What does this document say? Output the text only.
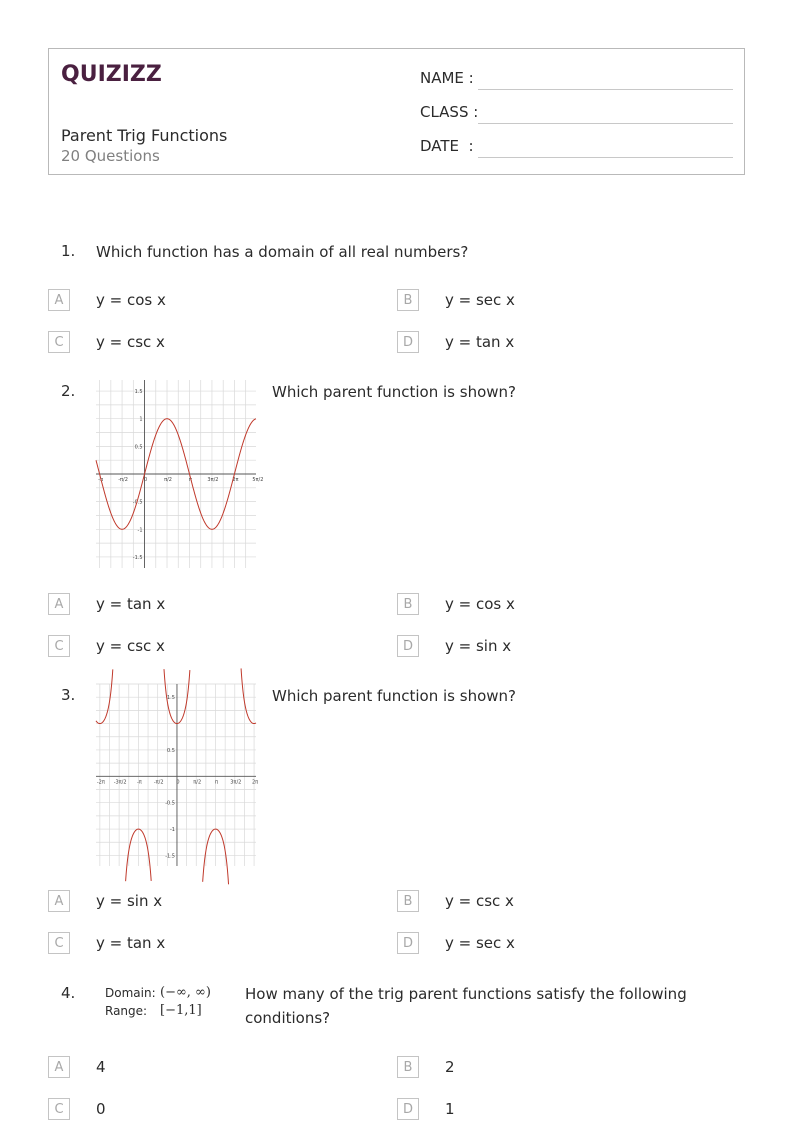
QUIZIZZ
Parent Trig Functions
20 Questions
NAME :
CLASS :
DATE  :
1. Which function has a domain of all real numbers?
A	y = cos x	B	y = sec x
C	y = csc x	D	y = tan x
2.
-π	-π/2	0	π/2	π	3π/2	2π	5π/2
1.5
1
0.5
-0.5
-1
-1.5
Which parent function is shown?
A	y = tan x	B	y = cos x
C	y = csc x	D	y = sin x
3.
-2π -3π/2 -π -π/2	0	π/2	π 3π/2 2π
1.5
0.5
-0.5
-1
-1.5
Which parent function is shown?
A	y = sin x	B	y = csc x
C	y = tan x	D	y = sec x
4. Domain: (−∞, ∞)
Range: [−1,1]
How many of the trig parent functions satisfy the following conditions?
A	4	B	2
C	0	D	1
